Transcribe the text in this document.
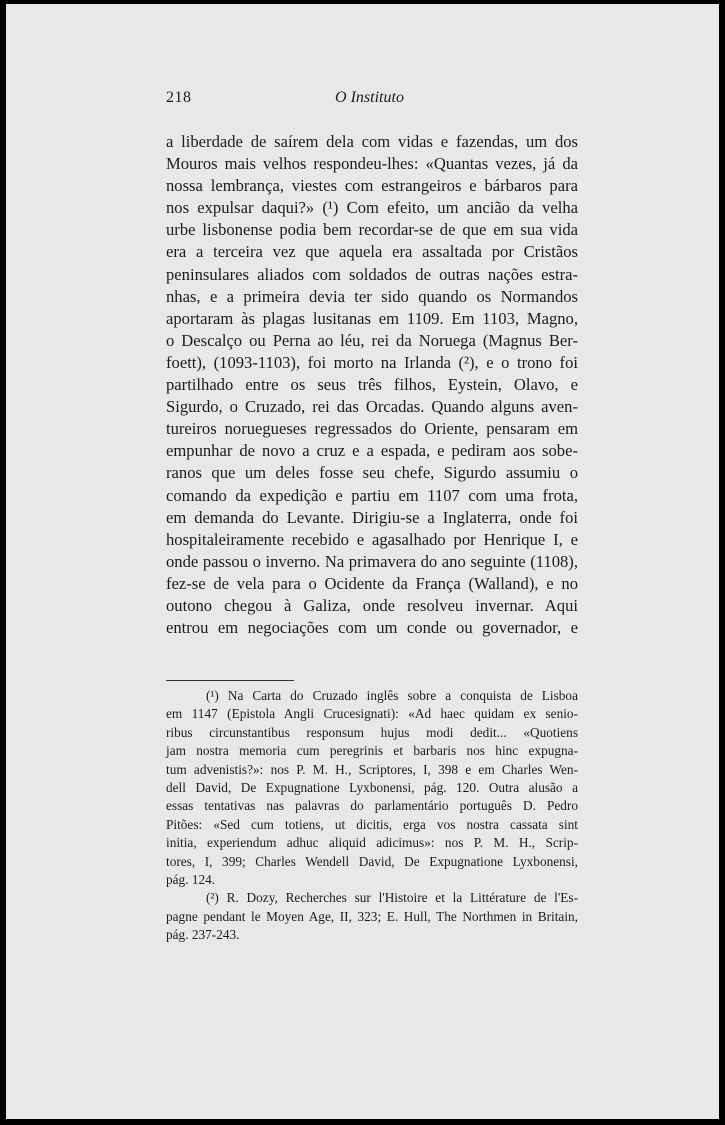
218	O Instituto
a liberdade de saírem dela com vidas e fazendas, um dos
Mouros mais velhos respondeu-lhes: «Quantas vezes, já da
nossa lembrança, viestes com estrangeiros e bárbaros para
nos expulsar daqui?» (¹) Com efeito, um ancião da velha
urbe lisbonense podia bem recordar-se de que em sua vida
era a terceira vez que aquela era assaltada por Cristãos
peninsulares aliados com soldados de outras nações estra-
nhas, e a primeira devia ter sido quando os Normandos
aportaram às plagas lusitanas em 1109. Em 1103, Magno,
o Descalço ou Perna ao léu, rei da Noruega (Magnus Ber-
foett), (1093-1103), foi morto na Irlanda (²), e o trono foi
partilhado entre os seus três filhos, Eystein, Olavo, e
Sigurdo, o Cruzado, rei das Orcadas. Quando alguns aven-
tureiros noruegueses regressados do Oriente, pensaram em
empunhar de novo a cruz e a espada, e pediram aos sobe-
ranos que um deles fosse seu chefe, Sigurdo assumiu o
comando da expedição e partiu em 1107 com uma frota,
em demanda do Levante. Dirigiu-se a Inglaterra, onde foi
hospitaleiramente recebido e agasalhado por Henrique I, e
onde passou o inverno. Na primavera do ano seguinte (1108),
fez-se de vela para o Ocidente da França (Walland), e no
outono chegou à Galiza, onde resolveu invernar. Aqui
entrou em negociações com um conde ou governador, e
(¹) Na Carta do Cruzado inglês sobre a conquista de Lisboa
em 1147 (Epistola Angli Crucesignati): «Ad haec quidam ex senio-
ribus circunstantibus responsum hujus modi dedit... «Quotiens
jam nostra memoria cum peregrinis et barbaris nos hinc expugna-
tum advenistis?»: nos P. M. H., Scriptores, I, 398 e em Charles Wen-
dell David, De Expugnatione Lyxbonensi, pág. 120. Outra alusão a
essas tentativas nas palavras do parlamentário português D. Pedro
Pitões: «Sed cum totiens, ut dicitis, erga vos nostra cassata sint
initia, experiendum adhuc aliquid adicimus»: nos P. M. H., Scrip-
tores, I, 399; Charles Wendell David, De Expugnatione Lyxbonensi,
pág. 124.
(²) R. Dozy, Recherches sur l'Histoire et la Littérature de l'Es-
pagne pendant le Moyen Age, II, 323; E. Hull, The Northmen in Britain,
pág. 237-243.
